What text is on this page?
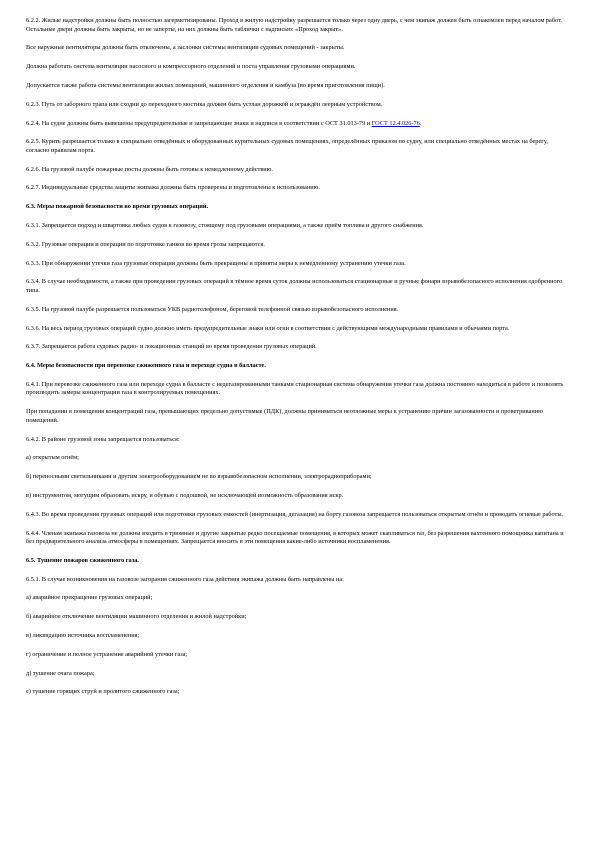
6.2.2. Жилые надстройки должны быть полностью загерметизированы. Проход в жилую надстройку разрешается только через одну дверь, с чем экипаж должен быть ознакомлен перед началом работ. Остальные двери должны быть закрыты, но не заперты, на них должны быть таблички с надписью: «Проход закрыт».

Все наружные вентиляторы должны быть отключены, а заслонки системы вентиляции судовых помещений - закрыты.

Должна работать система вентиляции насосного и компрессорного отделений и поста управления грузовыми операциями.

Допускается также работа системы вентиляции жилых помещений, машинного отделения и камбуза (во время приготовления пищи).

6.2.3. Путь от заборного трапа или сходни до переходного мостика должен быть устлан дорожкой и ограждён леерным устройством.

6.2.4. На судне должны быть вывешены предупредительные и запрещающие знаки и надписи в соответствии с ОСТ 31.013-79 и ГОСТ 12.4.026-76.

6.2.5. Курить разрешается только в специально отведённых и оборудованных курительных судовых помещениях, определённых приказом по судну, или специально отведённых местах на берегу, согласно правилам порта.

6.2.6. На грузовой палубе пожарные посты должны быть готовы к немедленному действию.

6.2.7. Индивидуальные средства защиты экипажа должны быть проверены и подготовлены к использованию.

6.3. Меры пожарной безопасности во время грузовых операций.

6.3.1. Запрещается подход и швартовка любых судов к газовозу, стоящему под грузовыми операциями, а также приём топлива и другого снабжения.

6.3.2. Грузовые операции и операции по подготовке танков во время грозы запрещаются.

6.3.3. При обнаружении утечки газа грузовые операции должны быть прекращены и приняты меры к немедленному устранению утечки газа.

6.3.4. В случае необходимости, а также при проведении грузовых операций в тёмное время суток должны использоваться стационарные и ручные фонари взрывобезопасного исполнения одобренного типа.

6.3.5. На грузовой палубе разрешается пользоваться УКВ радиотелефоном, береговой телефонной связью взрывобезопасного исполнения.

6.3.6. На весь период грузовых операций судно должно иметь предупредительные знаки или огни в соответствии с действующими международными правилами и обычаями порта.

6.3.7. Запрещается работа судовых радио- и локационных станций во время проведения грузовых операций.

6.4. Меры безопасности при перевозке сжиженного газа и переходе судна в балласте.

6.4.1. При перевозке сжиженного газа или переходе судна в балласте с недегазированными танками стационарная система обнаружения утечки газа должна постоянно находиться в работе и позволять производить замеры концентрации газа в контролируемых помещениях.

При попадании в помещения концентраций газа, превышающих предельно допустимые (ПДК), должны приниматься неотложные меры к устранению причин загазованности и проветриванию помещений.

6.4.2. В районе грузовой зоны запрещается пользоваться:

а) открытым огнём;

б) переносными светильниками и другим электрооборудованием не во взрывобезопасном исполнении, электрорадиоприборами;

в) инструментом, могущим образовать искру, и обувью с подошвой, не исключающей возможность образования искр.

6.4.3. Во время проведения грузовых операций или подготовки грузовых емкостей (инертизация, дегазация) на борту газовоза запрещается пользоваться открытым огнём и проводить огневые работы.

6.4.4. Членам экипажа газовоза не должны входить в трюмные и другие закрытые редко посещаемые помещения, в которых может скапливаться газ, без разрешения вахтенного помощника капитана и без предварительного анализа атмосферы в помещениях. Запрещается вносить в эти помещения какие-либо источники воспламенения.

6.5. Тушение пожаров сжиженного газа.

6.5.1. В случае возникновения на газовозе загорания сжиженного газа действия экипажа должны быть направлены на:

а) аварийное прекращение грузовых операций;

б) аварийное отключение вентиляции машинного отделения и жилой надстройки;

в) ликвидацию источника воспламенения;

г) ограничение и полное устранение аварийной утечки газа;

д) тушение очага пожара;

е) тушение горящих струй и пролитого сжиженного газа;
